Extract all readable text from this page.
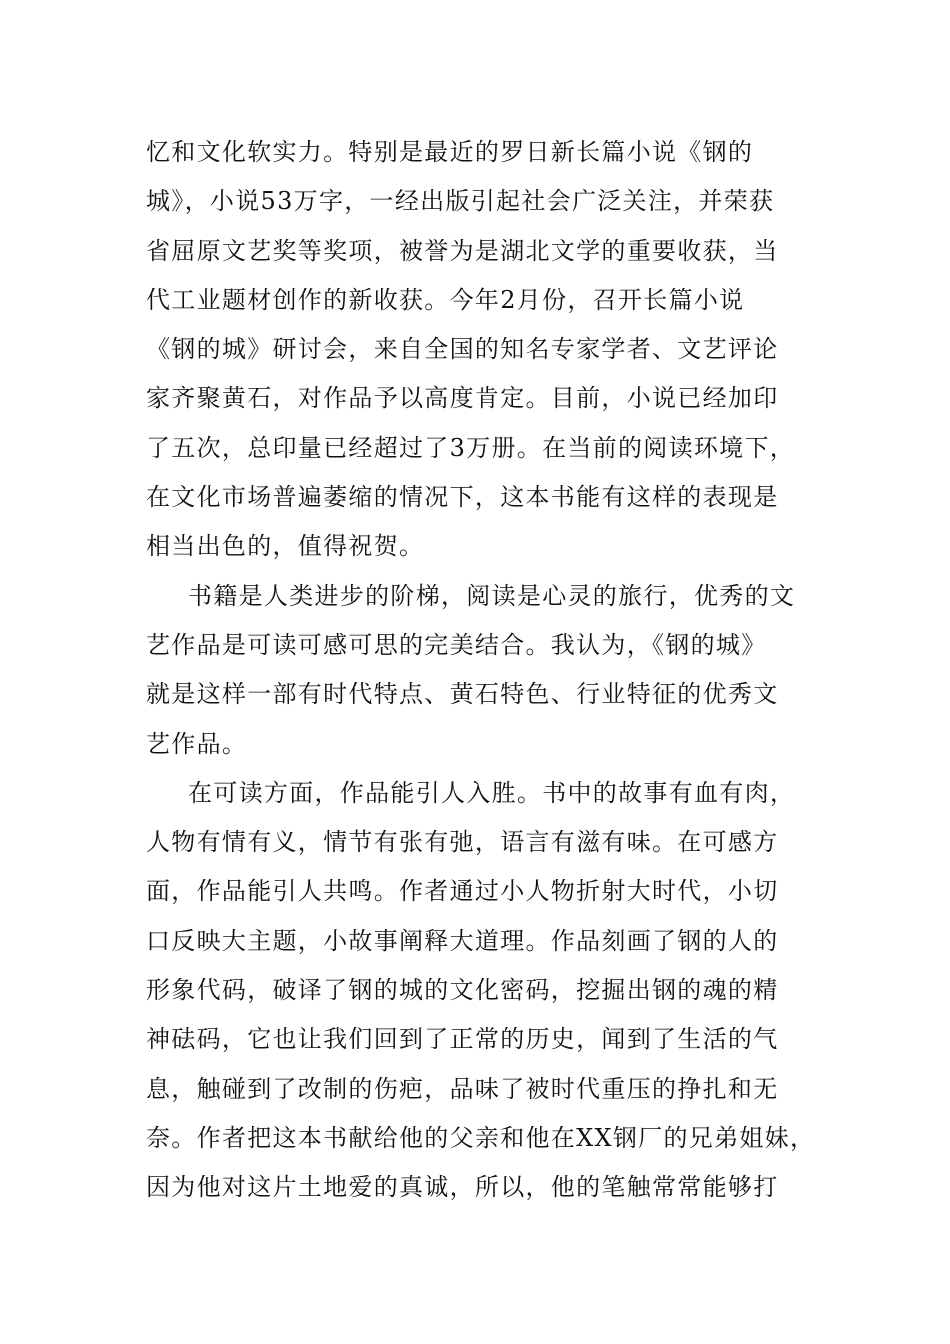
忆和文化软实力。特别是最近的罗日新长篇小说《钢的
城》，小说53万字，一经出版引起社会广泛关注，并荣获
省屈原文艺奖等奖项，被誉为是湖北文学的重要收获，当
代工业题材创作的新收获。今年2月份，召开长篇小说
《钢的城》研讨会，来自全国的知名专家学者、文艺评论
家齐聚黄石，对作品予以高度肯定。目前，小说已经加印
了五次，总印量已经超过了3万册。在当前的阅读环境下，
在文化市场普遍萎缩的情况下，这本书能有这样的表现是
相当出色的，值得祝贺。
书籍是人类进步的阶梯，阅读是心灵的旅行，优秀的文
艺作品是可读可感可思的完美结合。我认为，《钢的城》
就是这样一部有时代特点、黄石特色、行业特征的优秀文
艺作品。
在可读方面，作品能引人入胜。书中的故事有血有肉，
人物有情有义，情节有张有弛，语言有滋有味。在可感方
面，作品能引人共鸣。作者通过小人物折射大时代，小切
口反映大主题，小故事阐释大道理。作品刻画了钢的人的
形象代码，破译了钢的城的文化密码，挖掘出钢的魂的精
神砝码，它也让我们回到了正常的历史，闻到了生活的气
息，触碰到了改制的伤疤，品味了被时代重压的挣扎和无
奈。作者把这本书献给他的父亲和他在XX钢厂的兄弟姐妹，
因为他对这片土地爱的真诚，所以，他的笔触常常能够打
